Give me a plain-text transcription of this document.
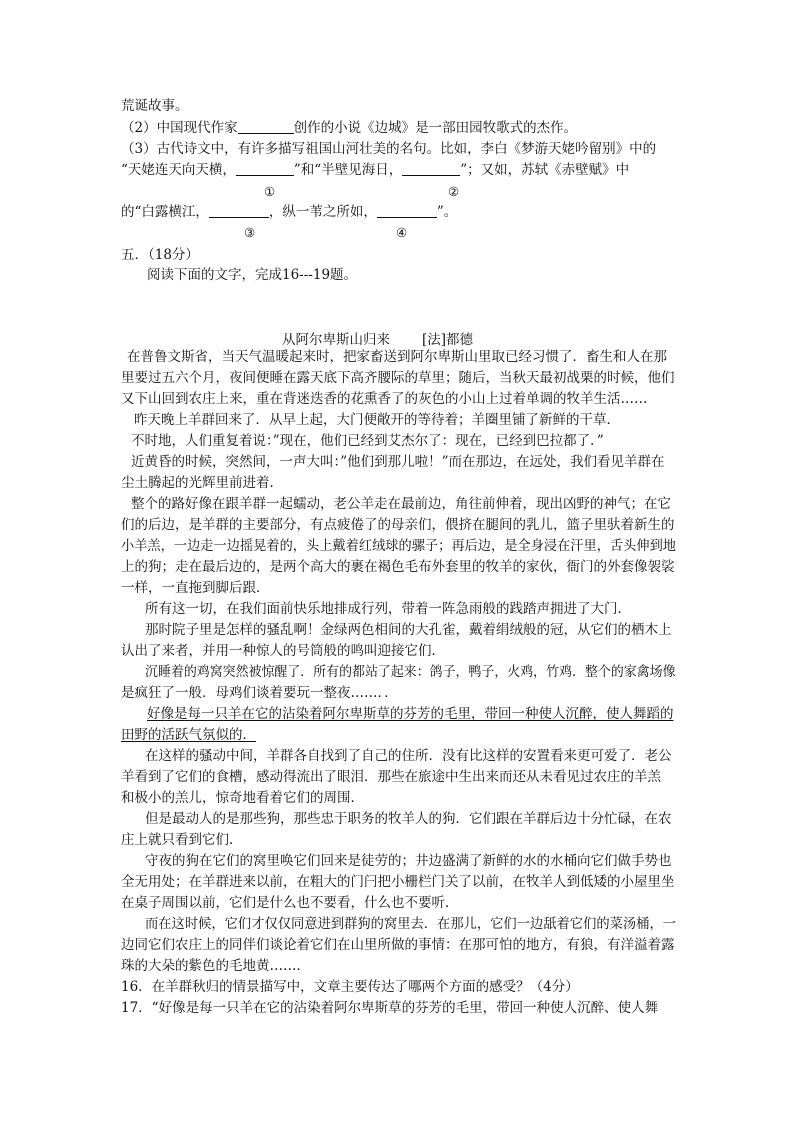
荒诞故事。
（2）中国现代作家	创作的小说《边城》是一部田园牧歌式的杰作。
（3）古代诗文中，有许多描写祖国山河壮美的名句。比如，李白《梦游天姥吟留别》中的
“天姥连天向天横，	”和“半壁见海日，	”；又如，苏轼《赤壁赋》中
①	②
的“白露横江，	，纵一苇之所如，	”。
③	④
五．（18分）
阅读下面的文字，完成16---19题。
从阿尔卑斯山归来 [法]都德
在普鲁文斯省，当天气温暖起来时，把家畜送到阿尔卑斯山里取已经习惯了．畜生和人在那
里要过五六个月，夜间便睡在露天底下高齐腰际的草里；随后，当秋天最初战栗的时候，他们
又下山回到农庄上来，重在背迷迭香的花熏香了的灰色的小山上过着单调的牧羊生活……
昨天晚上羊群回来了．从早上起，大门便敞开的等待着；羊圈里铺了新鲜的干草．
不时地，人们重复着说：”现在，他们已经到艾杰尔了：现在，已经到巴拉都了．”
近黄昏的时候，突然间，一声大叫：”他们到那儿啦！”而在那边，在远处，我们看见羊群在
尘土腾起的光辉里前进着．
整个的路好像在跟羊群一起蠕动，老公羊走在最前边，角往前伸着，现出凶野的神气；在它
们的后边，是羊群的主要部分，有点疲倦了的母亲们，偎挤在腿间的乳儿，篮子里驮着新生的
小羊羔，一边走一边摇晃着的，头上戴着红绒球的骡子；再后边，是全身浸在汗里，舌头伸到地
上的狗；走在最后边的，是两个高大的裹在褐色毛布外套里的牧羊的家伙，衙门的外套像袈裟
一样，一直拖到脚后跟．
所有这一切，在我们面前快乐地排成行列，带着一阵急雨般的践踏声拥进了大门．
那时院子里是怎样的骚乱啊！金绿两色相间的大孔雀，戴着绢绒般的冠，从它们的栖木上
认出了来者，并用一种惊人的号筒般的鸣叫迎接它们．
沉睡着的鸡窝突然被惊醒了．所有的都站了起来：鸽子，鸭子，火鸡，竹鸡．整个的家禽场像
是疯狂了一般．母鸡们谈着要玩一整夜……．．
好像是每一只羊在它的沾染着阿尔卑斯草的芬芳的毛里，带回一种使人沉醉，使人舞蹈的
田野的活跃气氛似的．
在这样的骚动中间，羊群各自找到了自己的住所．没有比这样的安置看来更可爱了．老公
羊看到了它们的食槽，感动得流出了眼泪．那些在旅途中生出来而还从未看见过农庄的羊羔
和极小的羔儿，惊奇地看着它们的周围．
但是最动人的是那些狗，那些忠于职务的牧羊人的狗．它们跟在羊群后边十分忙碌，在农
庄上就只看到它们．
守夜的狗在它们的窝里唤它们回来是徒劳的；井边盛满了新鲜的水的水桶向它们做手势也
全无用处；在羊群进来以前，在粗大的门闩把小栅栏门关了以前，在牧羊人到低矮的小屋里坐
在桌子周围以前，它们是什么也不要看，什么也不要听．
而在这时候，它们才仅仅同意进到群狗的窝里去．在那儿，它们一边舐着它们的菜汤桶，一
边同它们农庄上的同伴们谈论着它们在山里所做的事情：在那可怕的地方，有狼，有洋溢着露
珠的大朵的紫色的毛地黄……．
16．在羊群秋归的情景描写中，文章主要传达了哪两个方面的感受？（4分）
17．“好像是每一只羊在它的沾染着阿尔卑斯草的芬芳的毛里，带回一种使人沉醉、使人舞
